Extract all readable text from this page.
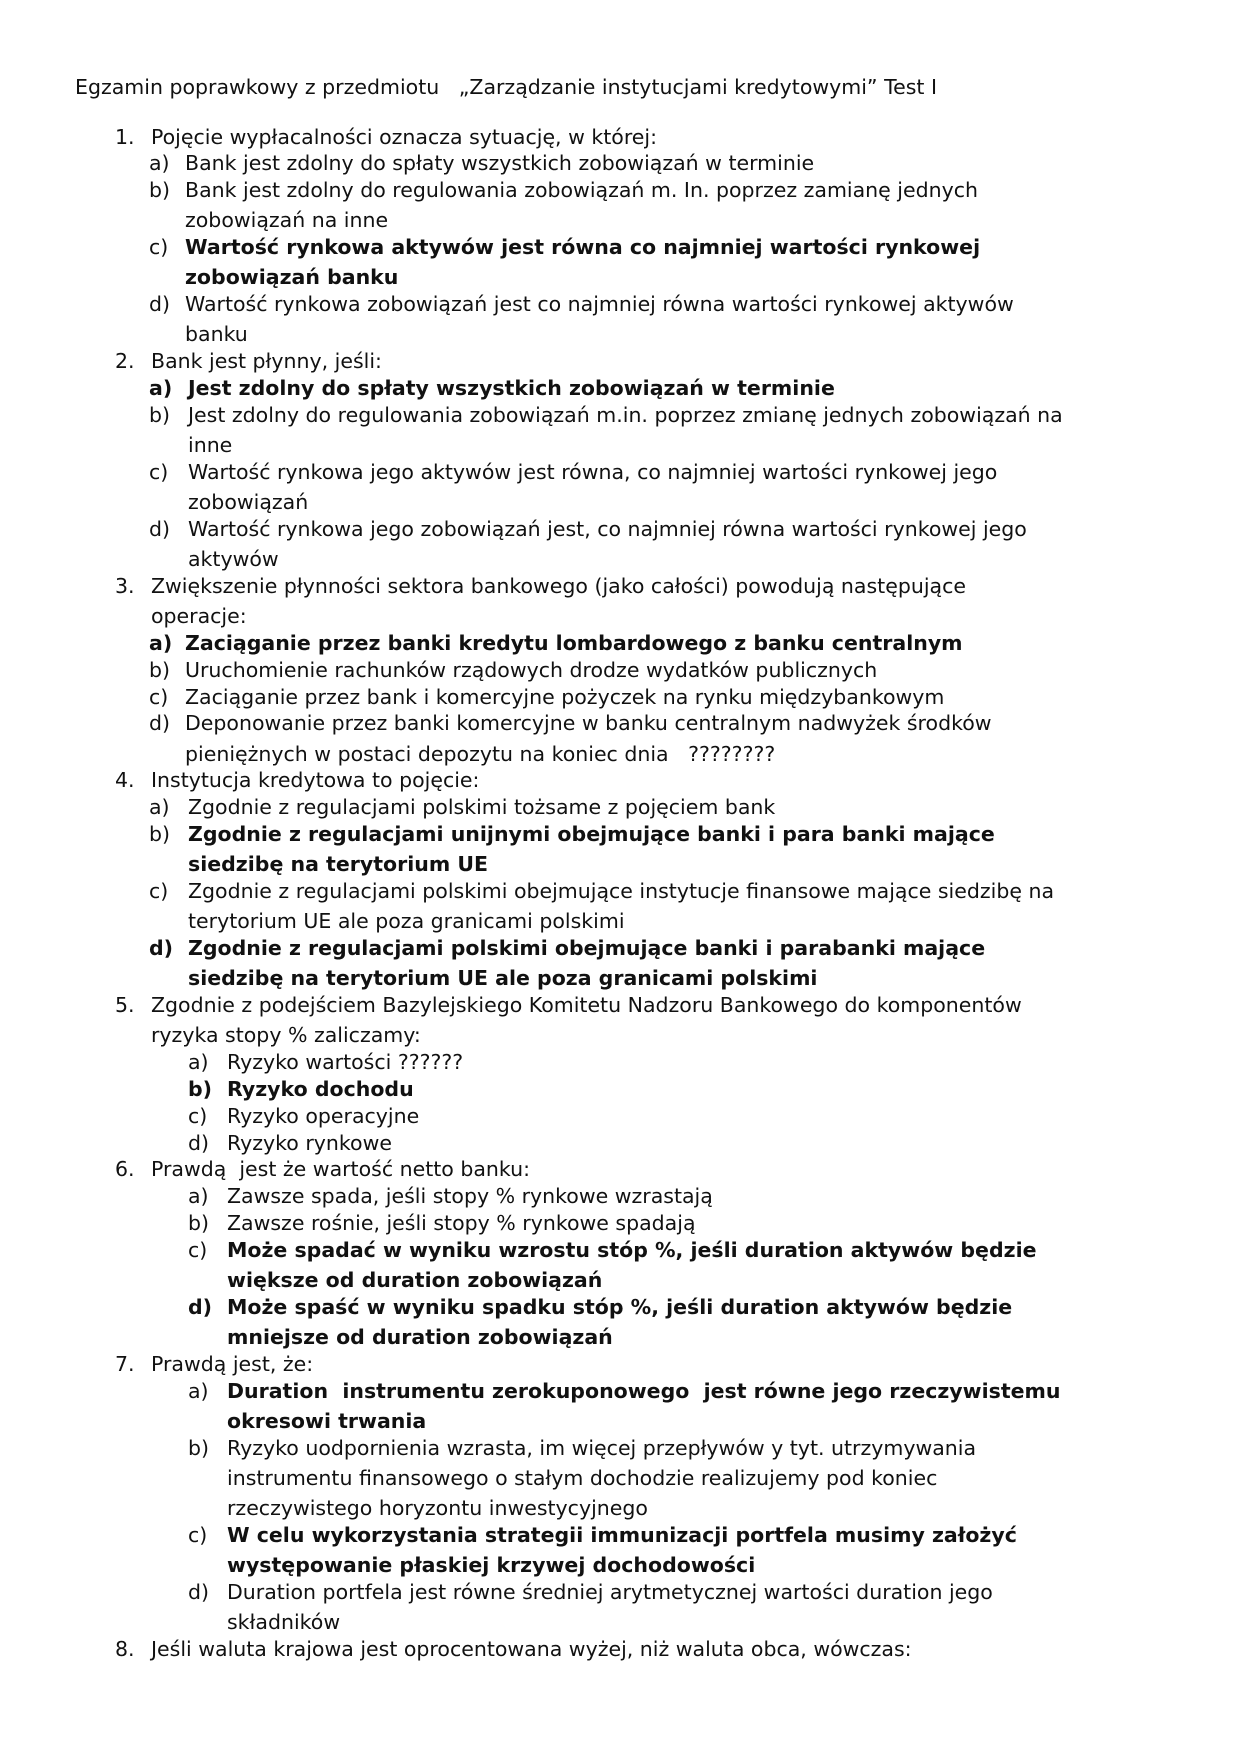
Egzamin poprawkowy z przedmiotu   „Zarządzanie instytucjami kredytowymi” Test I
1. Pojęcie wypłacalności oznacza sytuację, w której:
a) Bank jest zdolny do spłaty wszystkich zobowiązań w terminie
b) Bank jest zdolny do regulowania zobowiązań m. In. poprzez zamianę jednych
zobowiązań na inne
c) Wartość rynkowa aktywów jest równa co najmniej wartości rynkowej
zobowiązań banku
d) Wartość rynkowa zobowiązań jest co najmniej równa wartości rynkowej aktywów
banku
2. Bank jest płynny, jeśli:
a) Jest zdolny do spłaty wszystkich zobowiązań w terminie
b) Jest zdolny do regulowania zobowiązań m.in. poprzez zmianę jednych zobowiązań na
inne
c) Wartość rynkowa jego aktywów jest równa, co najmniej wartości rynkowej jego
zobowiązań
d) Wartość rynkowa jego zobowiązań jest, co najmniej równa wartości rynkowej jego
aktywów
3. Zwiększenie płynności sektora bankowego (jako całości) powodują następujące
operacje:
a) Zaciąganie przez banki kredytu lombardowego z banku centralnym
b) Uruchomienie rachunków rządowych drodze wydatków publicznych
c) Zaciąganie przez bank i komercyjne pożyczek na rynku międzybankowym
d) Deponowanie przez banki komercyjne w banku centralnym nadwyżek środków
pieniężnych w postaci depozytu na koniec dnia   ????????
4. Instytucja kredytowa to pojęcie:
a) Zgodnie z regulacjami polskimi tożsame z pojęciem bank
b) Zgodnie z regulacjami unijnymi obejmujące banki i para banki mające
siedzibę na terytorium UE
c) Zgodnie z regulacjami polskimi obejmujące instytucje finansowe mające siedzibę na
terytorium UE ale poza granicami polskimi
d) Zgodnie z regulacjami polskimi obejmujące banki i parabanki mające
siedzibę na terytorium UE ale poza granicami polskimi
5. Zgodnie z podejściem Bazylejskiego Komitetu Nadzoru Bankowego do komponentów
ryzyka stopy % zaliczamy:
a) Ryzyko wartości ??????
b) Ryzyko dochodu
c) Ryzyko operacyjne
d) Ryzyko rynkowe
6. Prawdą  jest że wartość netto banku:
a) Zawsze spada, jeśli stopy % rynkowe wzrastają
b) Zawsze rośnie, jeśli stopy % rynkowe spadają
c) Może spadać w wyniku wzrostu stóp %, jeśli duration aktywów będzie
większe od duration zobowiązań
d) Może spaść w wyniku spadku stóp %, jeśli duration aktywów będzie
mniejsze od duration zobowiązań
7. Prawdą jest, że:
a) Duration  instrumentu zerokuponowego  jest równe jego rzeczywistemu
okresowi trwania
b) Ryzyko uodpornienia wzrasta, im więcej przepływów y tyt. utrzymywania
instrumentu finansowego o stałym dochodzie realizujemy pod koniec
rzeczywistego horyzontu inwestycyjnego
c) W celu wykorzystania strategii immunizacji portfela musimy założyć
występowanie płaskiej krzywej dochodowości
d) Duration portfela jest równe średniej arytmetycznej wartości duration jego
składników
8. Jeśli waluta krajowa jest oprocentowana wyżej, niż waluta obca, wówczas:
